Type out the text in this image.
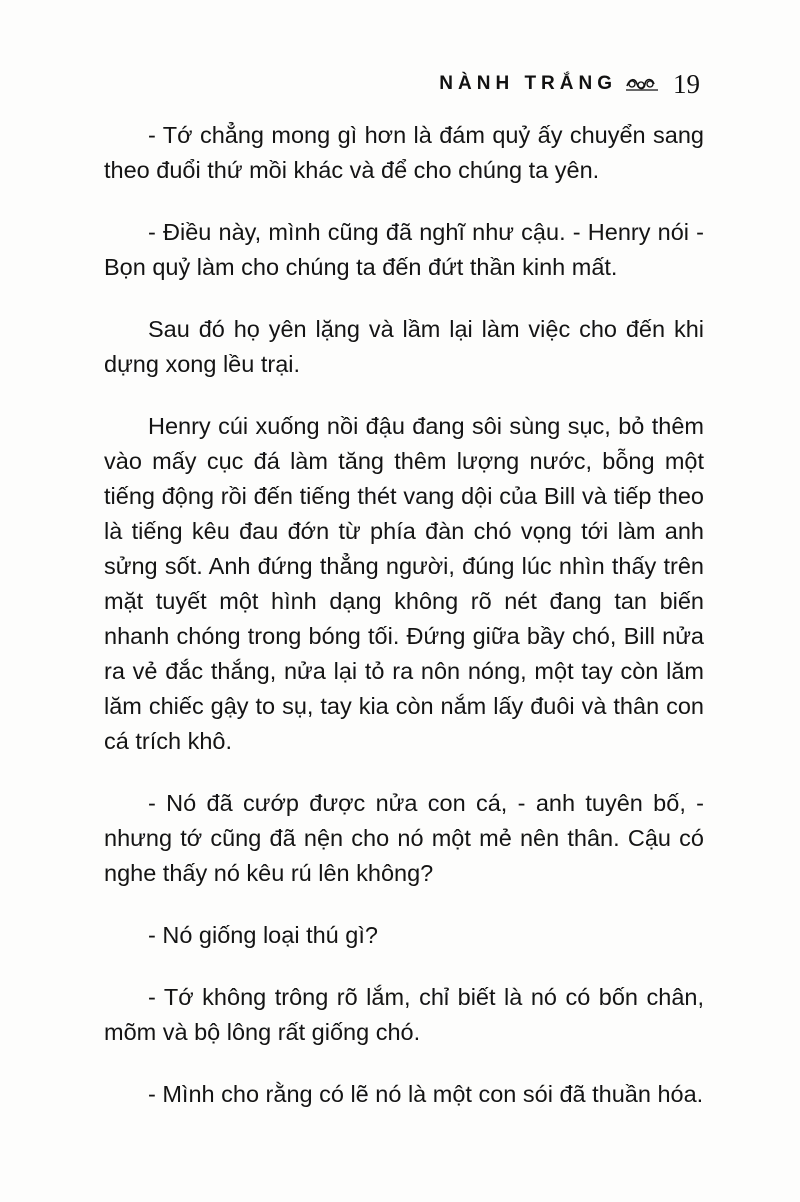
NÀNH TRẮNG 19

- Tớ chẳng mong gì hơn là đám quỷ ấy chuyển sang theo đuổi thứ mồi khác và để cho chúng ta yên.

- Điều này, mình cũng đã nghĩ như cậu. - Henry nói - Bọn quỷ làm cho chúng ta đến đứt thần kinh mất.

Sau đó họ yên lặng và lầm lại làm việc cho đến khi dựng xong lều trại.

Henry cúi xuống nồi đậu đang sôi sùng sục, bỏ thêm vào mấy cục đá làm tăng thêm lượng nước, bỗng một tiếng động rồi đến tiếng thét vang dội của Bill và tiếp theo là tiếng kêu đau đớn từ phía đàn chó vọng tới làm anh sửng sốt. Anh đứng thẳng người, đúng lúc nhìn thấy trên mặt tuyết một hình dạng không rõ nét đang tan biến nhanh chóng trong bóng tối. Đứng giữa bầy chó, Bill nửa ra vẻ đắc thắng, nửa lại tỏ ra nôn nóng, một tay còn lăm lăm chiếc gậy to sụ, tay kia còn nắm lấy đuôi và thân con cá trích khô.

- Nó đã cướp được nửa con cá, - anh tuyên bố, - nhưng tớ cũng đã nện cho nó một mẻ nên thân. Cậu có nghe thấy nó kêu rú lên không?

- Nó giống loại thú gì?

- Tớ không trông rõ lắm, chỉ biết là nó có bốn chân, mõm và bộ lông rất giống chó.

- Mình cho rằng có lẽ nó là một con sói đã thuần hóa.
